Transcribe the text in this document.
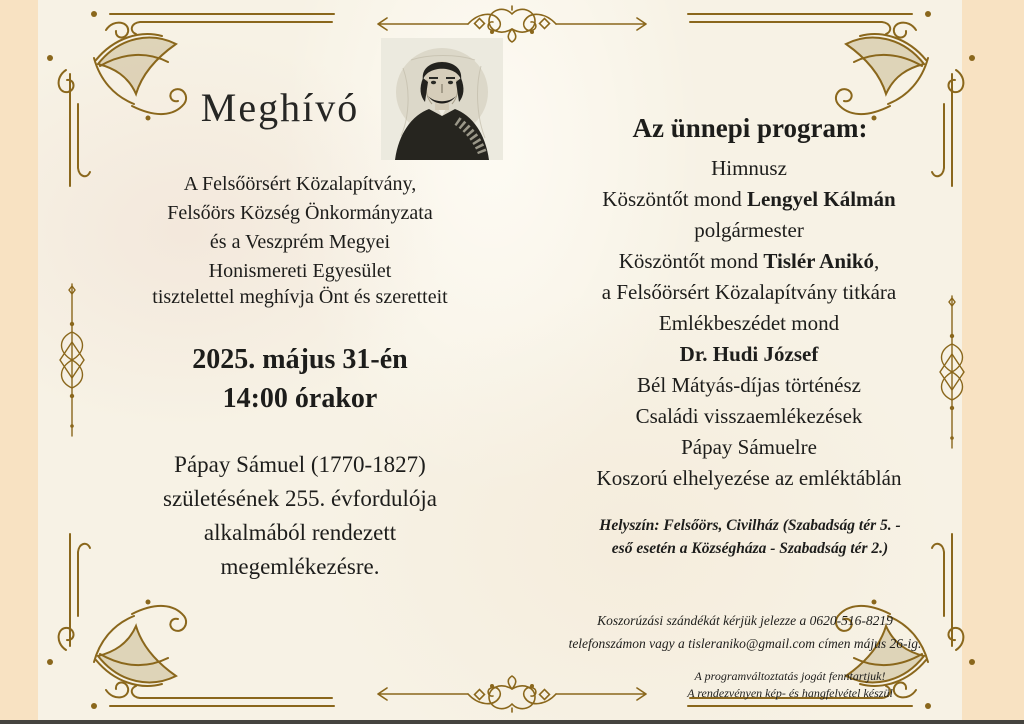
Meghívó
A Felsőörsért Közalapítvány,
Felsőörs Község Önkormányzata
és a Veszprém Megyei
Honismereti Egyesület
tisztelettel meghívja Önt és szeretteit
2025. május 31-én
14:00 órakor
Pápay Sámuel (1770-1827)
születésének 255. évfordulója
alkalmából rendezett
megemlékezésre.
Az ünnepi program:
Himnusz
Köszöntőt mond Lengyel Kálmán
polgármester
Köszöntőt mond Tislér Anikó,
a Felsőörsért Közalapítvány titkára
Emlékbeszédet mond
Dr. Hudi József
Bél Mátyás-díjas történész
Családi visszaemlékezések
Pápay Sámuelre
Koszorú elhelyezése az emléktáblán
Helyszín: Felsőörs, Civilház (Szabadság tér 5. -
eső esetén a Községháza - Szabadság tér 2.)
Koszorúzási szándékát kérjük jelezze a 0620-516-8219
telefonszámon vagy a tisleraniko@gmail.com címen május 26-ig.
A programváltoztatás jogát fenntartjuk!
A rendezvényen kép- és hangfelvétel készül
